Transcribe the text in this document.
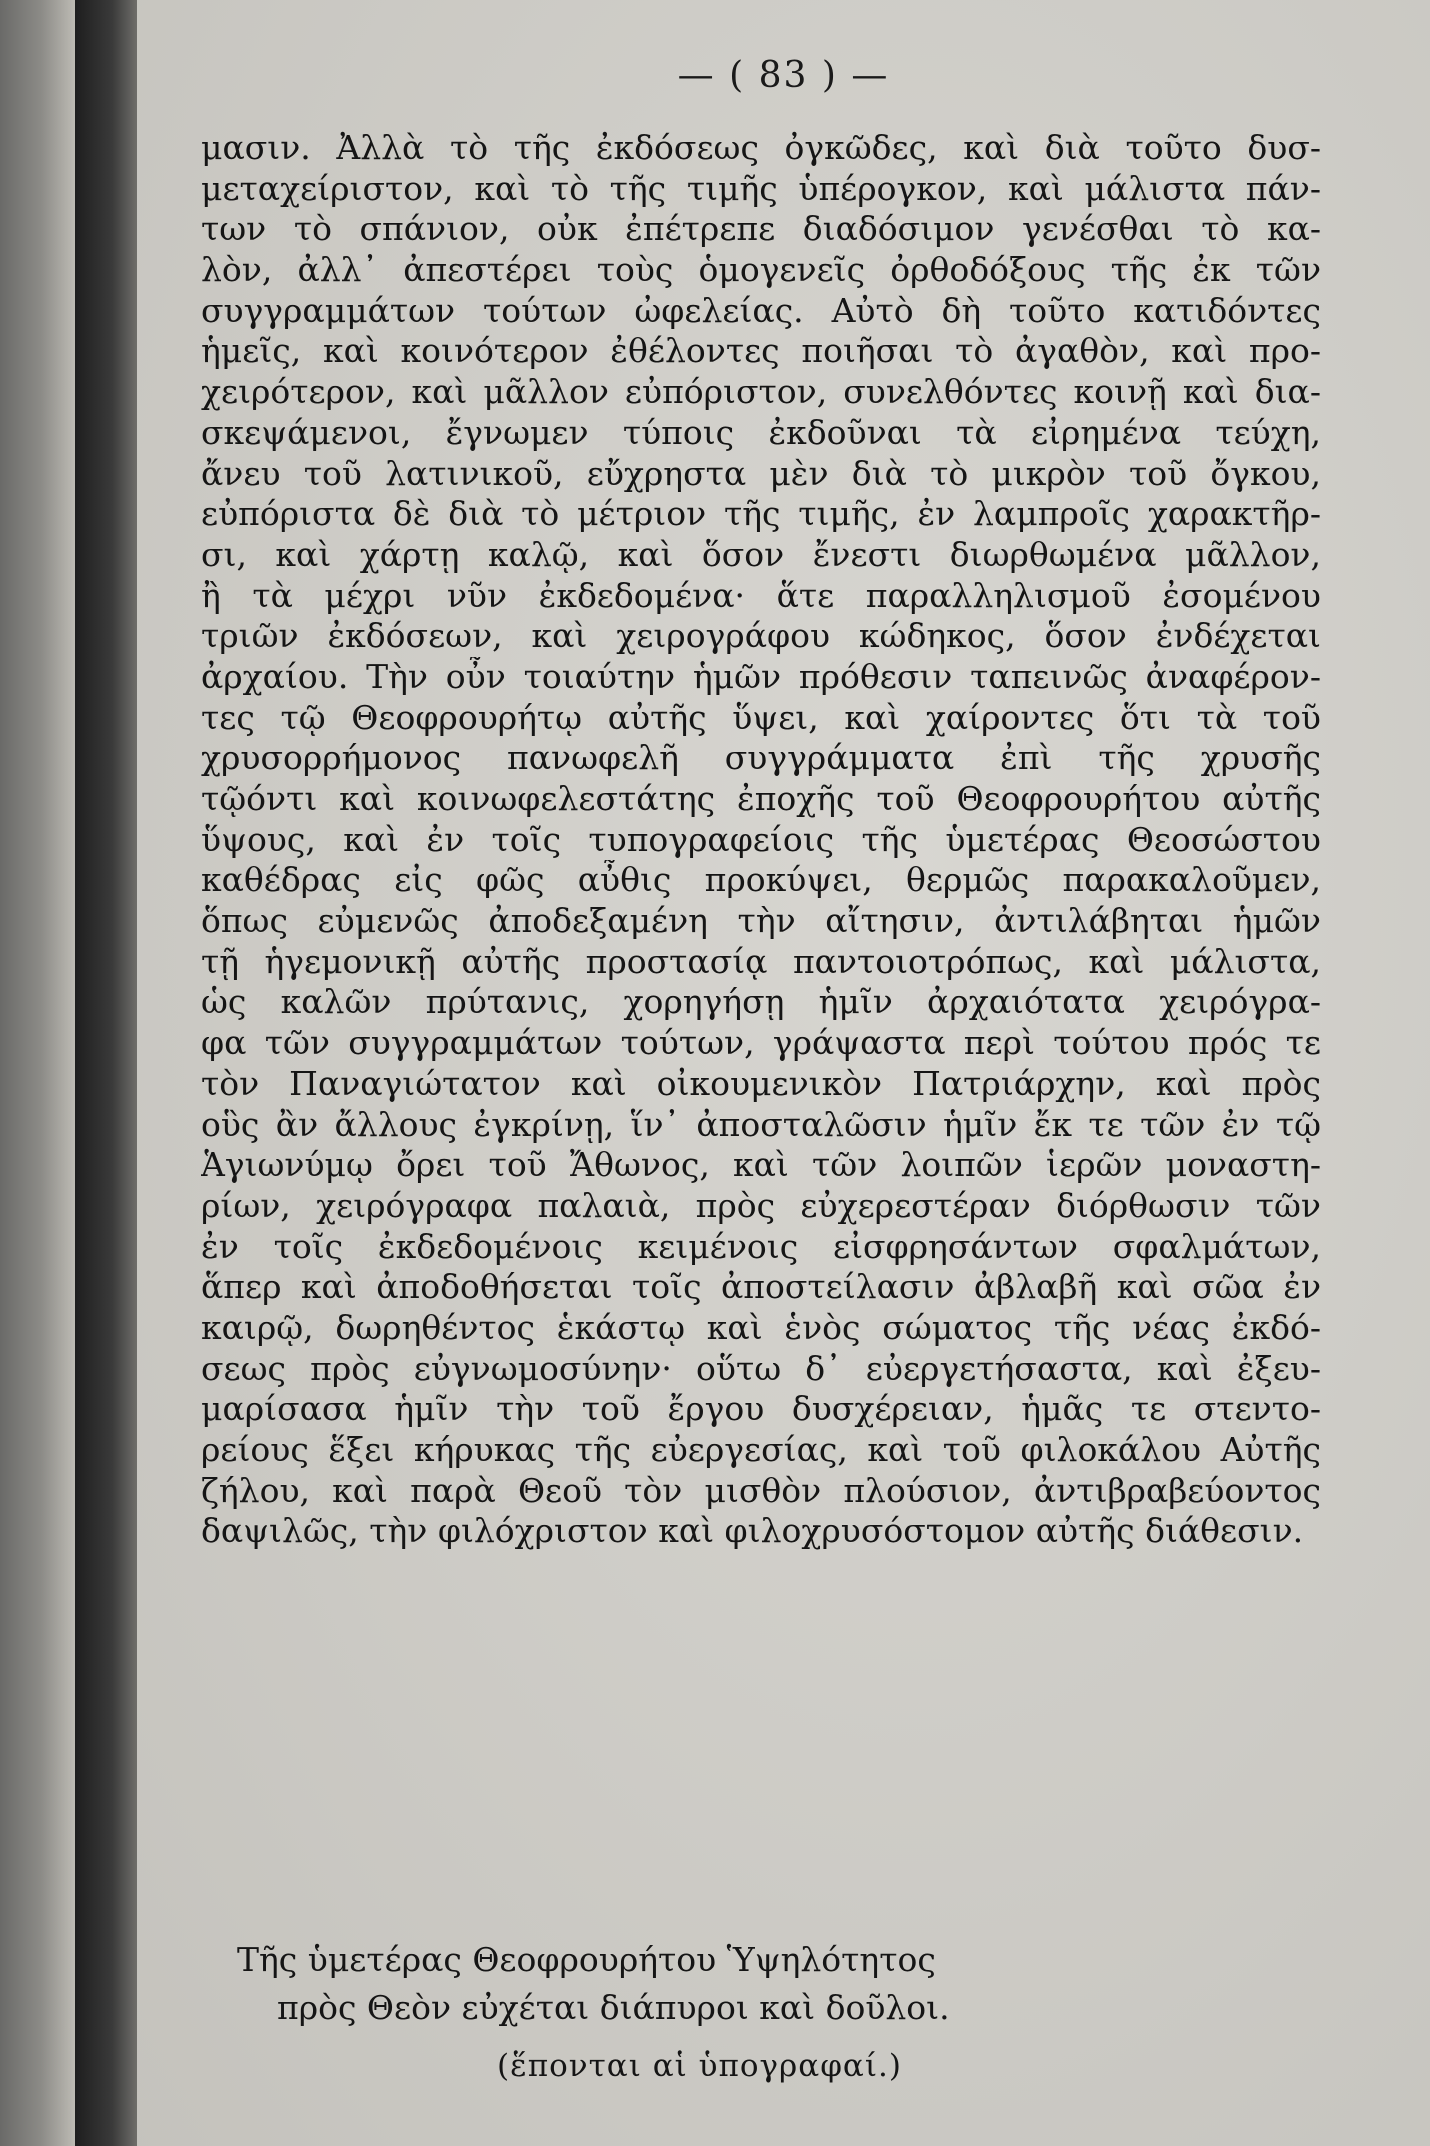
— ( 83 ) —
μασιν. Ἀλλὰ τὸ τῆς ἐκδόσεως ὀγκῶδες, καὶ διὰ τοῦτο δυσ-
μεταχείριστον, καὶ τὸ τῆς τιμῆς ὑπέρογκον, καὶ μάλιστα πάν-
των τὸ σπάνιον, οὐκ ἐπέτρεπε διαδόσιμον γενέσθαι τὸ κα-
λὸν, ἀλλ᾽ ἀπεστέρει τοὺς ὁμογενεῖς ὀρθοδόξους τῆς ἐκ τῶν
συγγραμμάτων τούτων ὠφελείας. Αὐτὸ δὴ τοῦτο κατιδόντες
ἡμεῖς, καὶ κοινότερον ἐθέλοντες ποιῆσαι τὸ ἀγαθὸν, καὶ προ-
χειρότερον, καὶ μᾶλλον εὐπόριστον, συνελθόντες κοινῇ καὶ δια-
σκεψάμενοι, ἔγνωμεν τύποις ἐκδοῦναι τὰ εἰρημένα τεύχη,
ἄνευ τοῦ λατινικοῦ, εὔχρηστα μὲν διὰ τὸ μικρὸν τοῦ ὄγκου,
εὐπόριστα δὲ διὰ τὸ μέτριον τῆς τιμῆς, ἐν λαμπροῖς χαρακτῆρ-
σι, καὶ χάρτῃ καλῷ, καὶ ὅσον ἔνεστι διωρθωμένα μᾶλλον,
ἢ τὰ μέχρι νῦν ἐκδεδομένα· ἅτε παραλληλισμοῦ ἐσομένου
τριῶν ἐκδόσεων, καὶ χειρογράφου κώδηκος, ὅσον ἐνδέχεται
ἀρχαίου. Τὴν οὖν τοιαύτην ἡμῶν πρόθεσιν ταπεινῶς ἀναφέρον-
τες τῷ Θεοφρουρήτῳ αὐτῆς ὕψει, καὶ χαίροντες ὅτι τὰ τοῦ
χρυσορρήμονος πανωφελῆ συγγράμματα ἐπὶ τῆς χρυσῆς
τῷόντι καὶ κοινωφελεστάτης ἐποχῆς τοῦ Θεοφρουρήτου αὐτῆς
ὕψους, καὶ ἐν τοῖς τυπογραφείοις τῆς ὑμετέρας Θεοσώστου
καθέδρας εἰς φῶς αὖθις προκύψει, θερμῶς παρακαλοῦμεν,
ὅπως εὐμενῶς ἀποδεξαμένη τὴν αἴτησιν, ἀντιλάβηται ἡμῶν
τῇ ἡγεμονικῇ αὐτῆς προστασίᾳ παντοιοτρόπως, καὶ μάλιστα,
ὡς καλῶν πρύτανις, χορηγήσῃ ἡμῖν ἀρχαιότατα χειρόγρα-
φα τῶν συγγραμμάτων τούτων, γράψαστα περὶ τούτου πρός τε
τὸν Παναγιώτατον καὶ οἰκουμενικὸν Πατριάρχην, καὶ πρὸς
οὓς ἂν ἄλλους ἐγκρίνῃ, ἵν᾽ ἀποσταλῶσιν ἡμῖν ἔκ τε τῶν ἐν τῷ
Ἁγιωνύμῳ ὄρει τοῦ Ἄθωνος, καὶ τῶν λοιπῶν ἱερῶν μοναστη-
ρίων, χειρόγραφα παλαιὰ, πρὸς εὐχερεστέραν διόρθωσιν τῶν
ἐν τοῖς ἐκδεδομένοις κειμένοις εἰσφρησάντων σφαλμάτων,
ἅπερ καὶ ἀποδοθήσεται τοῖς ἀποστείλασιν ἀβλαβῆ καὶ σῶα ἐν
καιρῷ, δωρηθέντος ἑκάστῳ καὶ ἑνὸς σώματος τῆς νέας ἐκδό-
σεως πρὸς εὐγνωμοσύνην· οὕτω δ᾽ εὐεργετήσαστα, καὶ ἐξευ-
μαρίσασα ἡμῖν τὴν τοῦ ἔργου δυσχέρειαν, ἡμᾶς τε στεντο-
ρείους ἕξει κήρυκας τῆς εὐεργεσίας, καὶ τοῦ φιλοκάλου Αὐτῆς
ζήλου, καὶ παρὰ Θεοῦ τὸν μισθὸν πλούσιον, ἀντιβραβεύοντος
δαψιλῶς, τὴν φιλόχριστον καὶ φιλοχρυσόστομον αὐτῆς διάθεσιν.
Τῆς ὑμετέρας Θεοφρουρήτου Ὑψηλότητος
πρὸς Θεὸν εὐχέται διάπυροι καὶ δοῦλοι.
(ἕπονται αἱ ὑπογραφαί.)
